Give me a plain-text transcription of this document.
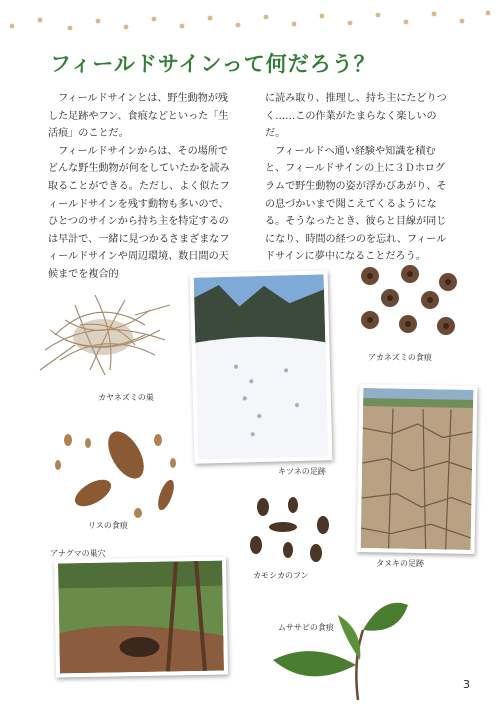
フィールドサインって何だろう？

フィールドサインとは、野生動物が残した足跡やフン、食痕などといった「生活痕」のことだ。

フィールドサインからは、その場所でどんな野生動物が何をしていたかを読み取ることができる。ただし、よく似たフィールドサインを残す動物も多いので、ひとつのサインから持ち主を特定するのは早計で、一緒に見つかるさまざまなフィールドサインや周辺環境、数日間の天候までを複合的

に読み取り、推理し、持ち主にたどりつく……この作業がたまらなく楽しいのだ。

フィールドへ通い経験や知識を積むと、フィールドサインの上に３Ｄホログラムで野生動物の姿が浮かびあがり、その息づかいまで聞こえてくるようになる。そうなったとき、彼らと目線が同じになり、時間の経つのを忘れ、フィールドサインに夢中になることだろう。

カヤネズミの巣
キツネの足跡
アカネズミの食痕
タヌキの足跡
リスの食痕
カモシカのフン
アナグマの巣穴
ムササビの食痕
3
